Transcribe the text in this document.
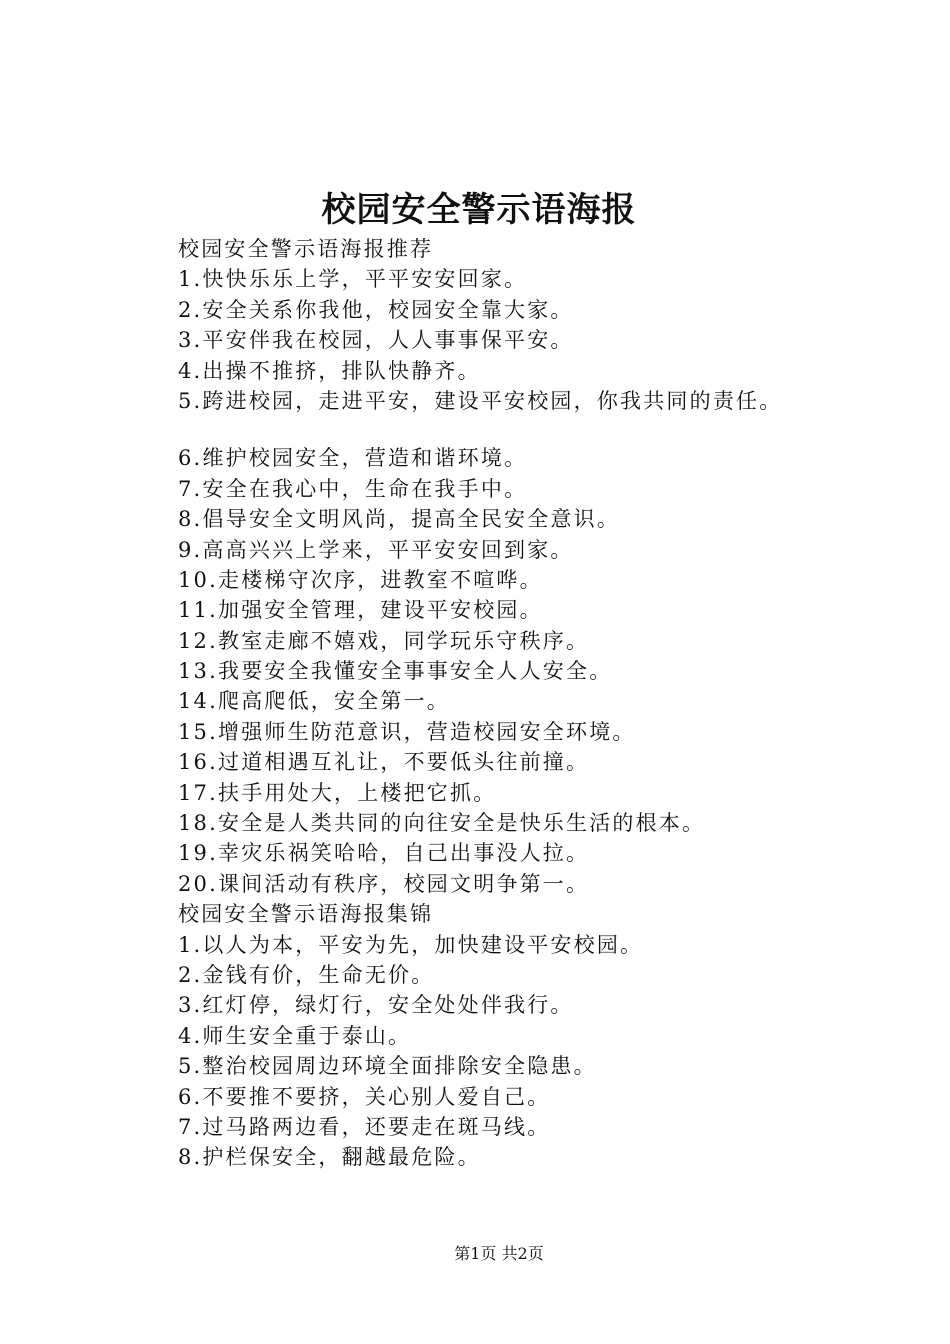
校园安全警示语海报
校园安全警示语海报推荐
1.快快乐乐上学，平平安安回家。
2.安全关系你我他，校园安全靠大家。
3.平安伴我在校园，人人事事保平安。
4.出操不推挤，排队快静齐。
5.跨进校园，走进平安，建设平安校园，你我共同的责任。
6.维护校园安全，营造和谐环境。
7.安全在我心中，生命在我手中。
8.倡导安全文明风尚，提高全民安全意识。
9.高高兴兴上学来，平平安安回到家。
10.走楼梯守次序，进教室不喧哗。
11.加强安全管理，建设平安校园。
12.教室走廊不嬉戏，同学玩乐守秩序。
13.我要安全我懂安全事事安全人人安全。
14.爬高爬低，安全第一。
15.增强师生防范意识，营造校园安全环境。
16.过道相遇互礼让，不要低头往前撞。
17.扶手用处大，上楼把它抓。
18.安全是人类共同的向往安全是快乐生活的根本。
19.幸灾乐祸笑哈哈，自己出事没人拉。
20.课间活动有秩序，校园文明争第一。
校园安全警示语海报集锦
1.以人为本，平安为先，加快建设平安校园。
2.金钱有价，生命无价。
3.红灯停，绿灯行，安全处处伴我行。
4.师生安全重于泰山。
5.整治校园周边环境全面排除安全隐患。
6.不要推不要挤，关心别人爱自己。
7.过马路两边看，还要走在斑马线。
8.护栏保安全，翻越最危险。
第1页 共2页
